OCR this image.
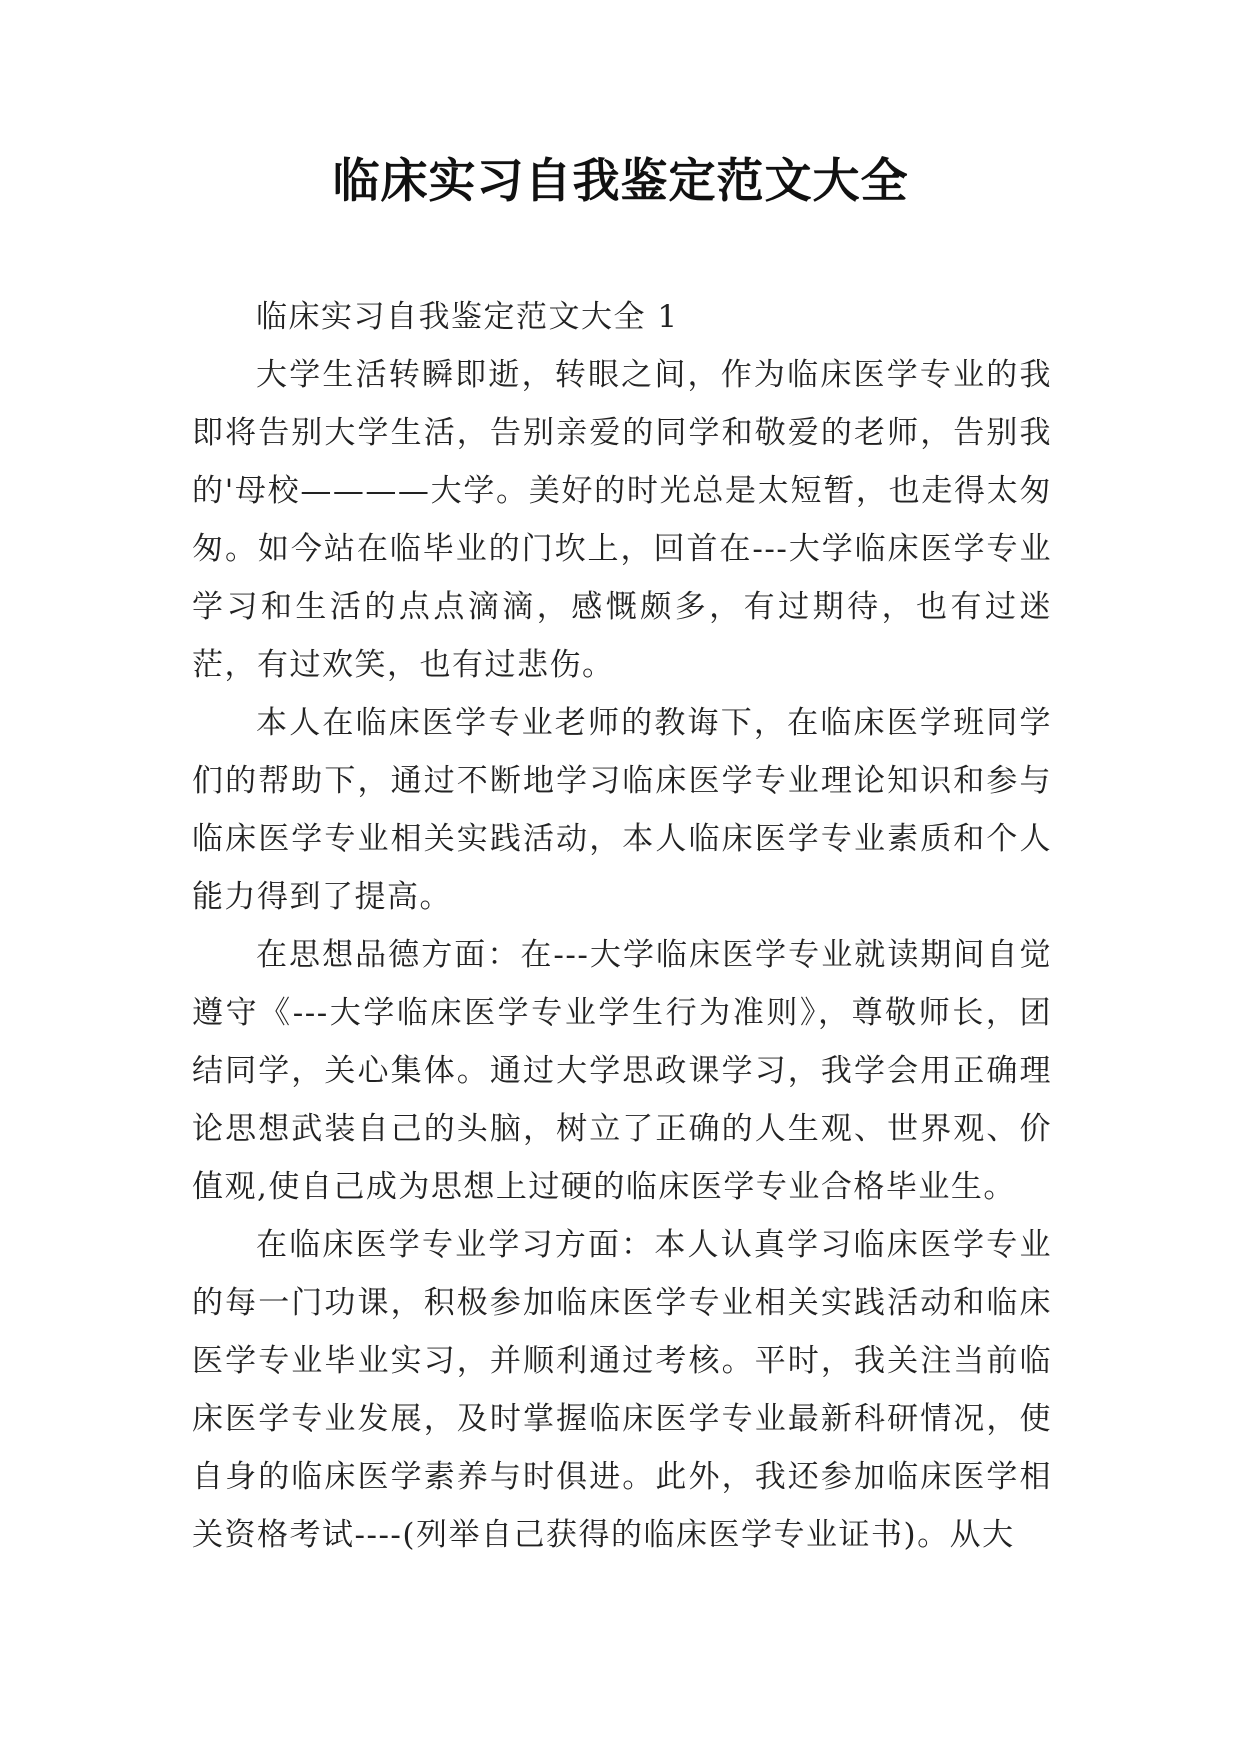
临床实习自我鉴定范文大全

临床实习自我鉴定范文大全 1

大学生活转瞬即逝，转眼之间，作为临床医学专业的我即将告别大学生活，告别亲爱的同学和敬爱的老师，告别我的'母校————大学。美好的时光总是太短暂，也走得太匆匆。如今站在临毕业的门坎上，回首在---大学临床医学专业学习和生活的点点滴滴，感慨颇多，有过期待，也有过迷茫，有过欢笑，也有过悲伤。

本人在临床医学专业老师的教诲下，在临床医学班同学们的帮助下，通过不断地学习临床医学专业理论知识和参与临床医学专业相关实践活动，本人临床医学专业素质和个人能力得到了提高。

在思想品德方面：在---大学临床医学专业就读期间自觉遵守《---大学临床医学专业学生行为准则》，尊敬师长，团结同学，关心集体。通过大学思政课学习，我学会用正确理论思想武装自己的头脑，树立了正确的人生观、世界观、价值观,使自己成为思想上过硬的临床医学专业合格毕业生。

在临床医学专业学习方面：本人认真学习临床医学专业的每一门功课，积极参加临床医学专业相关实践活动和临床医学专业毕业实习，并顺利通过考核。平时，我关注当前临床医学专业发展，及时掌握临床医学专业最新科研情况，使自身的临床医学素养与时俱进。此外，我还参加临床医学相关资格考试----(列举自己获得的临床医学专业证书)。从大
